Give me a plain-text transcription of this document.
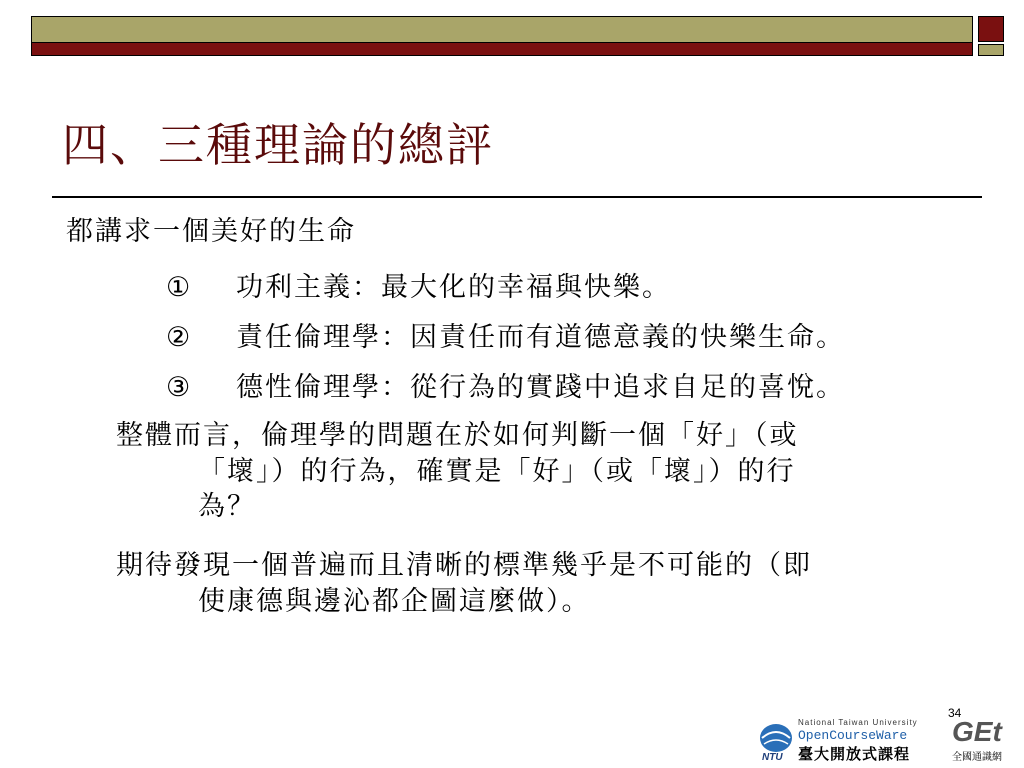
四、三種理論的總評
都講求一個美好的生命
① 功利主義：最大化的幸福與快樂。
② 責任倫理學：因責任而有道德意義的快樂生命。
③ 德性倫理學：從行為的實踐中追求自足的喜悅。
整體而言，倫理學的問題在於如何判斷一個「好」（或
「壞」）的行為，確實是「好」（或「壞」）的行
為？
期待發現一個普遍而且清晰的標準幾乎是不可能的（即
使康德與邊沁都企圖這麼做）。
34
NTU
National Taiwan University
OpenCourseWare
臺大開放式課程
GEt
全國通識網
